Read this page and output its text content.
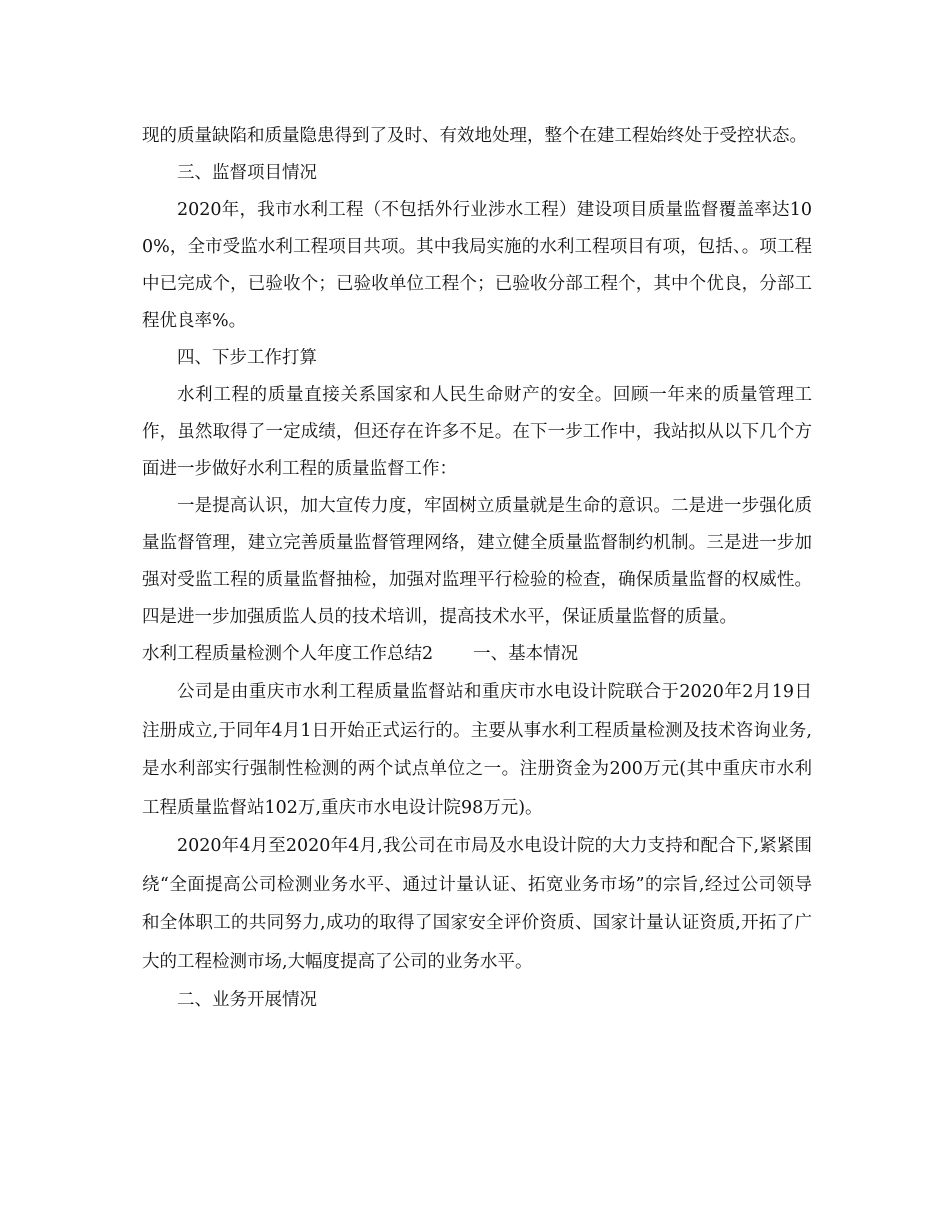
现的质量缺陷和质量隐患得到了及时、有效地处理，整个在建工程始终处于受控状态。

三、监督项目情况

2020年，我市水利工程（不包括外行业涉水工程）建设项目质量监督覆盖率达100%，全市受监水利工程项目共项。其中我局实施的水利工程项目有项，包括、。项工程中已完成个，已验收个；已验收单位工程个；已验收分部工程个，其中个优良，分部工程优良率%。

四、下步工作打算

水利工程的质量直接关系国家和人民生命财产的安全。回顾一年来的质量管理工作，虽然取得了一定成绩，但还存在许多不足。在下一步工作中，我站拟从以下几个方面进一步做好水利工程的质量监督工作：

一是提高认识，加大宣传力度，牢固树立质量就是生命的意识。二是进一步强化质量监督管理，建立完善质量监督管理网络，建立健全质量监督制约机制。三是进一步加强对受监工程的质量监督抽检，加强对监理平行检验的检查，确保质量监督的权威性。四是进一步加强质监人员的技术培训，提高技术水平，保证质量监督的质量。

水利工程质量检测个人年度工作总结2 一、基本情况

公司是由重庆市水利工程质量监督站和重庆市水电设计院联合于2020年2月19日注册成立,于同年4月1日开始正式运行的。主要从事水利工程质量检测及技术咨询业务,是水利部实行强制性检测的两个试点单位之一。注册资金为200万元(其中重庆市水利工程质量监督站102万,重庆市水电设计院98万元)。

2020年4月至2020年4月,我公司在市局及水电设计院的大力支持和配合下,紧紧围绕“全面提高公司检测业务水平、通过计量认证、拓宽业务市场”的宗旨,经过公司领导和全体职工的共同努力,成功的取得了国家安全评价资质、国家计量认证资质,开拓了广大的工程检测市场,大幅度提高了公司的业务水平。

二、业务开展情况
